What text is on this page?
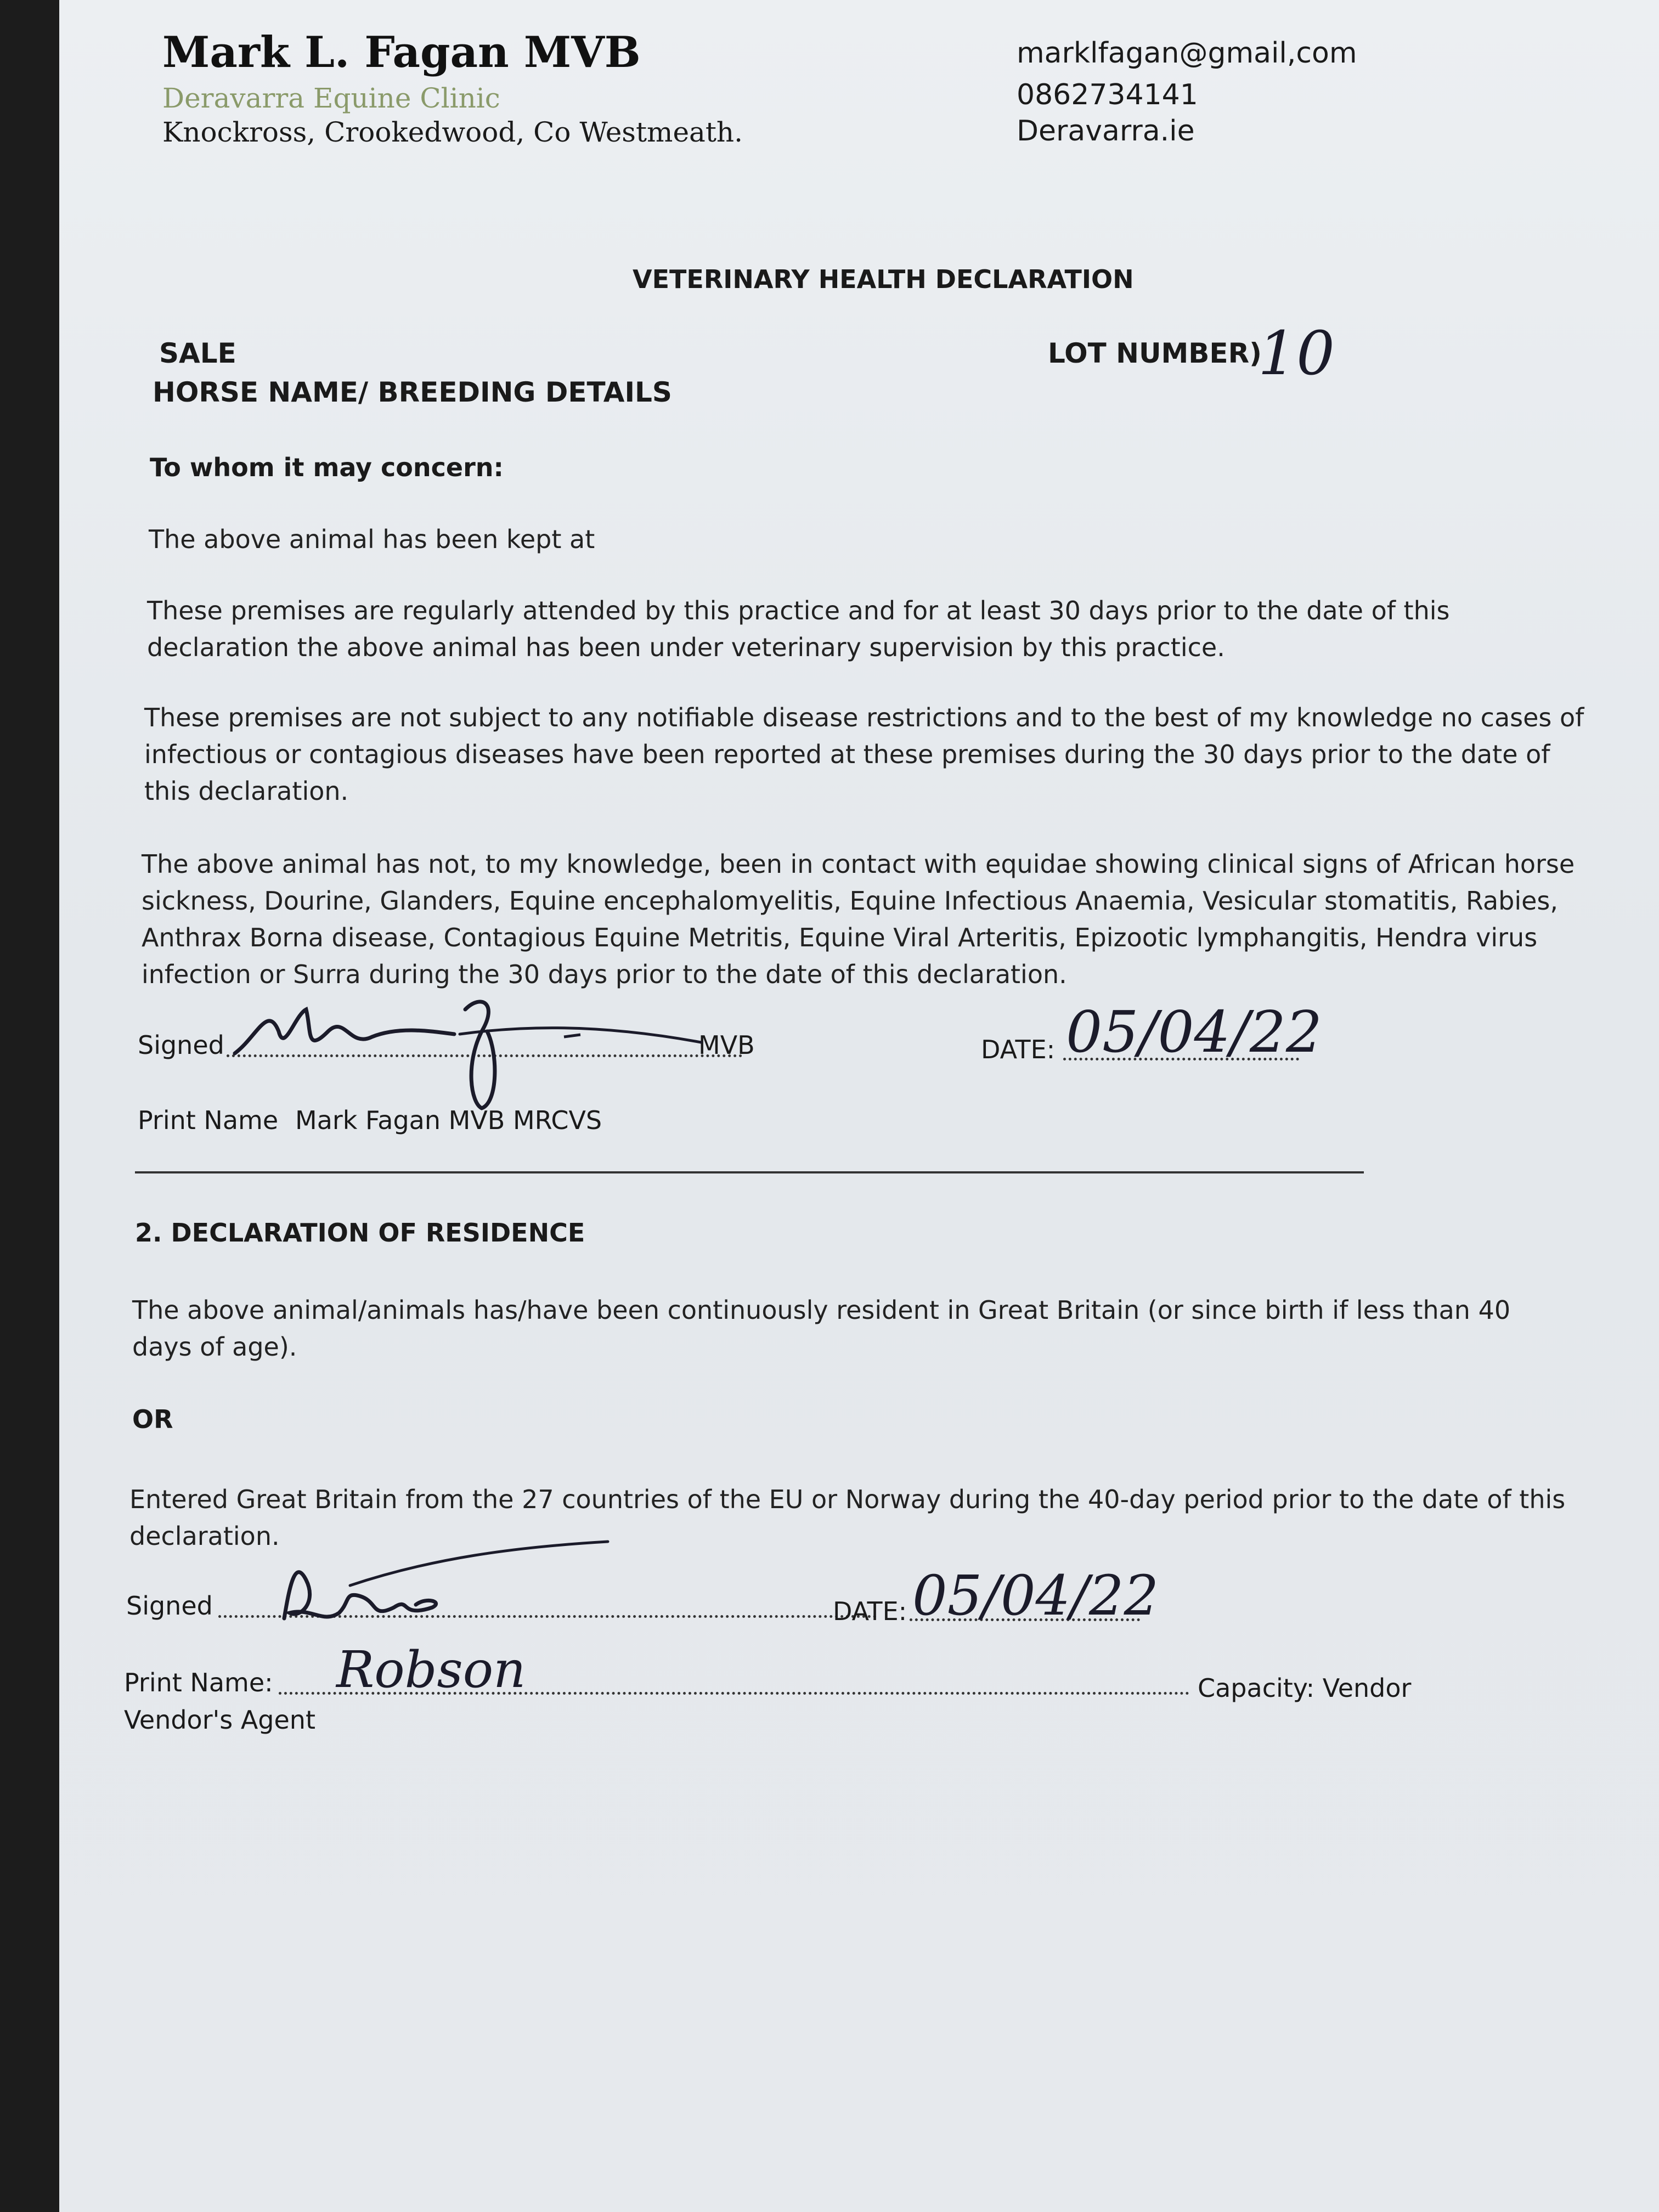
Mark L. Fagan MVB
Deravarra Equine Clinic
Knockross, Crookedwood, Co Westmeath.
marklfagan@gmail,com
0862734141
Deravarra.ie
VETERINARY HEALTH DECLARATION
SALE	LOT NUMBER)
10
HORSE NAME/ BREEDING DETAILS
To whom it may concern:
The above animal has been kept at
These premises are regularly attended by this practice and for at least 30 days prior to the date of this declaration the above animal has been under veterinary supervision by this practice.
These premises are not subject to any notifiable disease restrictions and to the best of my knowledge no cases of infectious or contagious diseases have been reported at these premises during the 30 days prior to the date of this declaration.
The above animal has not, to my knowledge, been in contact with equidae showing clinical signs of African horse sickness, Dourine, Glanders, Equine encephalomyelitis, Equine Infectious Anaemia, Vesicular stomatitis, Rabies, Anthrax Borna disease, Contagious Equine Metritis, Equine Viral Arteritis, Epizootic lymphangitis, Hendra virus infection or Surra during the 30 days prior to the date of this declaration.
Signed	MVB	DATE: 05/04/22
Print Name Mark Fagan MVB MRCVS
2. DECLARATION OF RESIDENCE
The above animal/animals has/have been continuously resident in Great Britain (or since birth if less than 40 days of age).
OR
Entered Great Britain from the 27 countries of the EU or Norway during the 40-day period prior to the date of this declaration.
Signed	DATE: 05/04/22
Print Name: Robson	Capacity: Vendor
Vendor's Agent
